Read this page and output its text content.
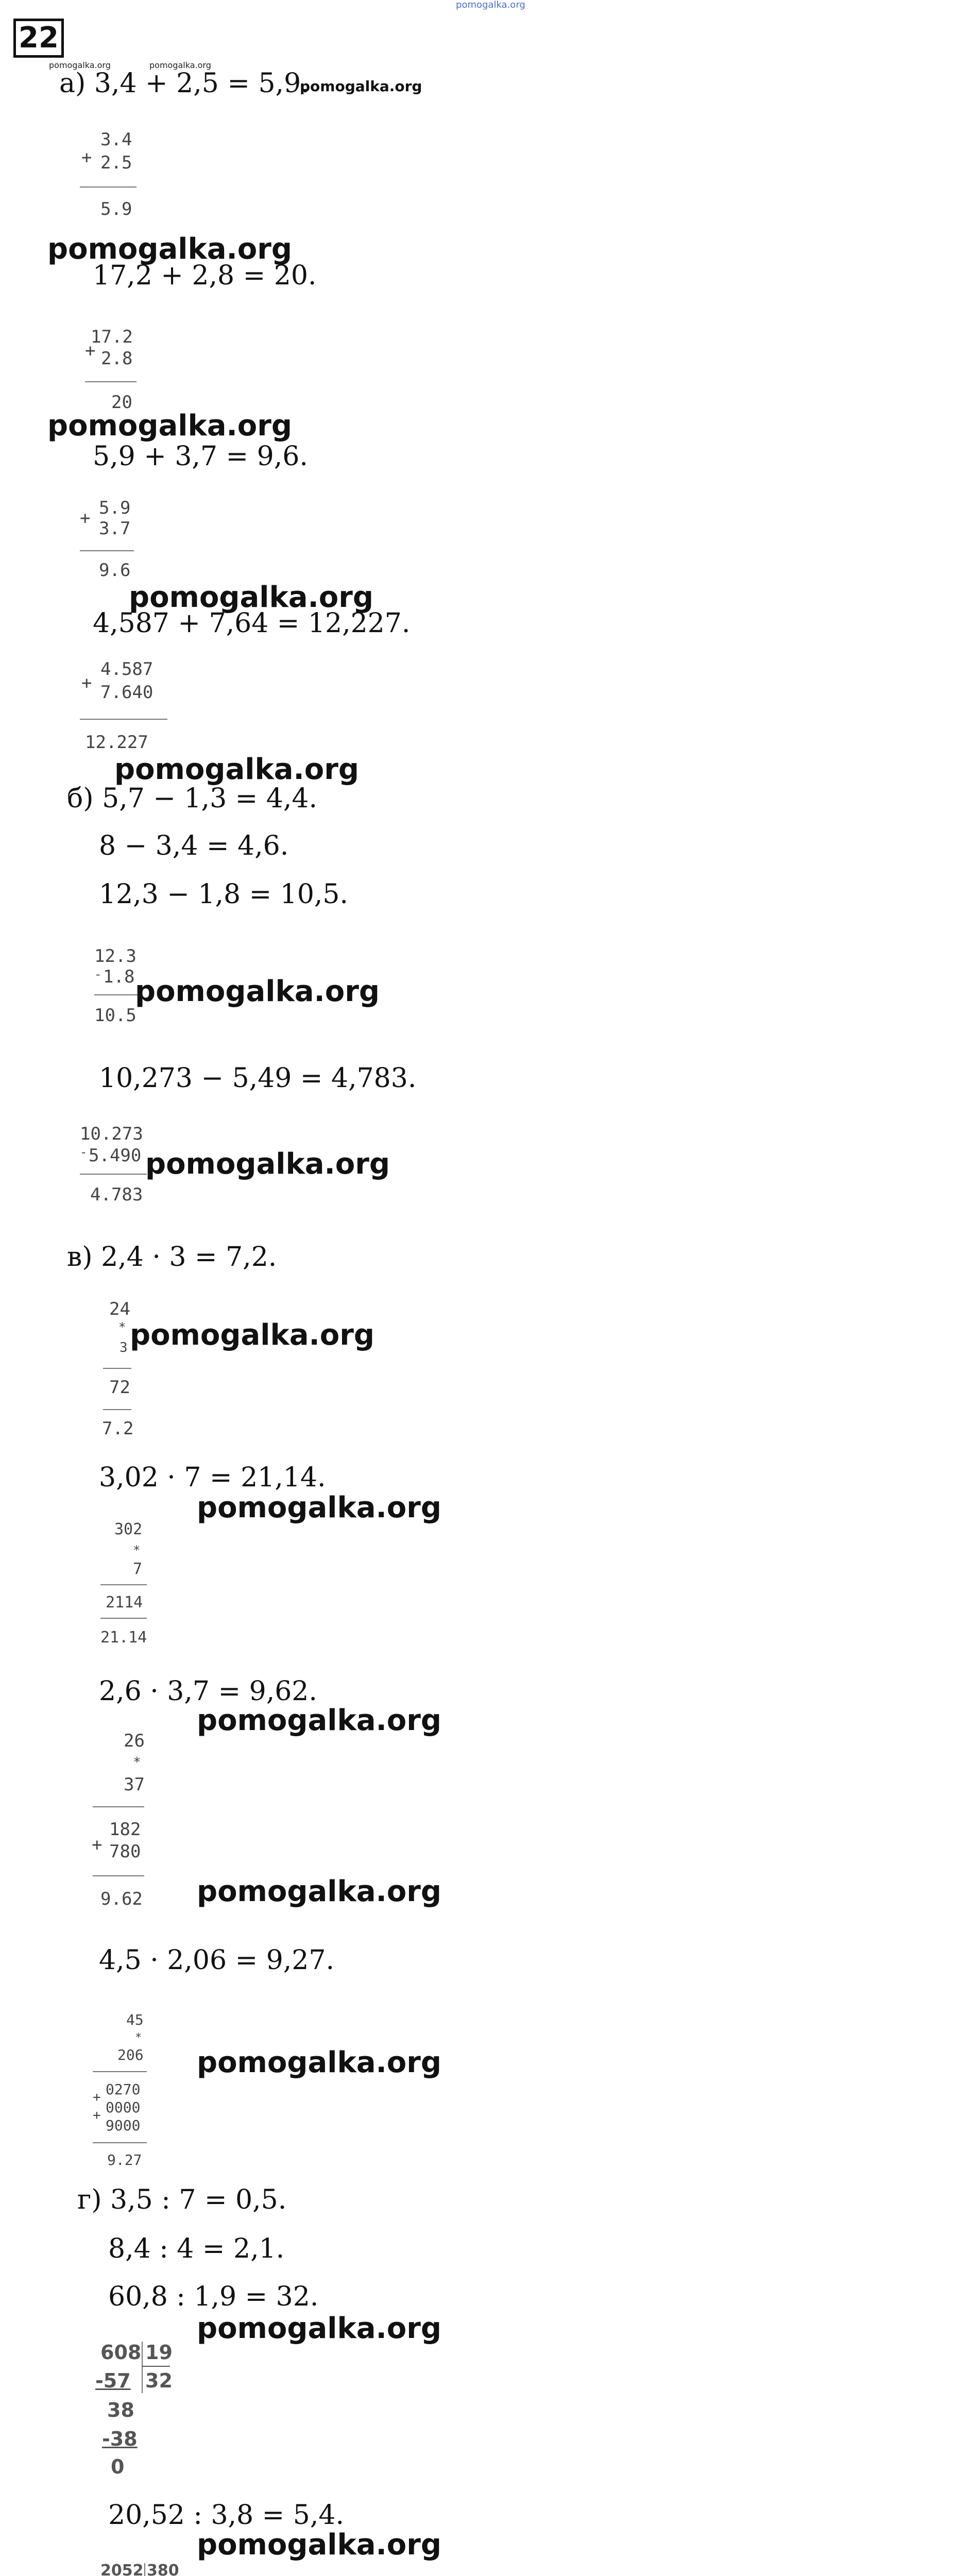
pomogalka.org
22
pomogalka.org	pomogalka.org
а) 3,4 + 2,5 = 5,9.
pomogalka.org
+
3.4
2.5
5.9
pomogalka.org
17,2 + 2,8 = 20.
+
17.2
2.8
20
pomogalka.org
5,9 + 3,7 = 9,6.
+ 5.9
3.7
9.6
pomogalka.org
4,587 + 7,64 = 12,227.
+
4.587
7.640
12.227
pomogalka.org
б) 5,7 − 1,3 = 4,4.
8 − 3,4 = 4,6.
12,3 − 1,8 = 10,5.
12.3
- 1.8
10.5
pomogalka.org
10,273 − 5,49 = 4,783.
10.273
- 5.490
4.783
pomogalka.org
в) 2,4 · 3 = 7,2.
24
*
3
72
7.2
pomogalka.org
3,02 · 7 = 21,14.
pomogalka.org
302
*
7
2114
21.14
2,6 · 3,7 = 9,62.
pomogalka.org
26
*
37
+
182
780
9.62 pomogalka.org
4,5 · 2,06 = 9,27.
45
*
206
+
+
0270
0000
9000
9.27
pomogalka.org
г) 3,5 : 7 = 0,5.
8,4 : 4 = 2,1.
60,8 : 1,9 = 32.
pomogalka.org
608 19
32
-57
38
-38
0
20,52 : 3,8 = 5,4.
pomogalka.org
2052 380
